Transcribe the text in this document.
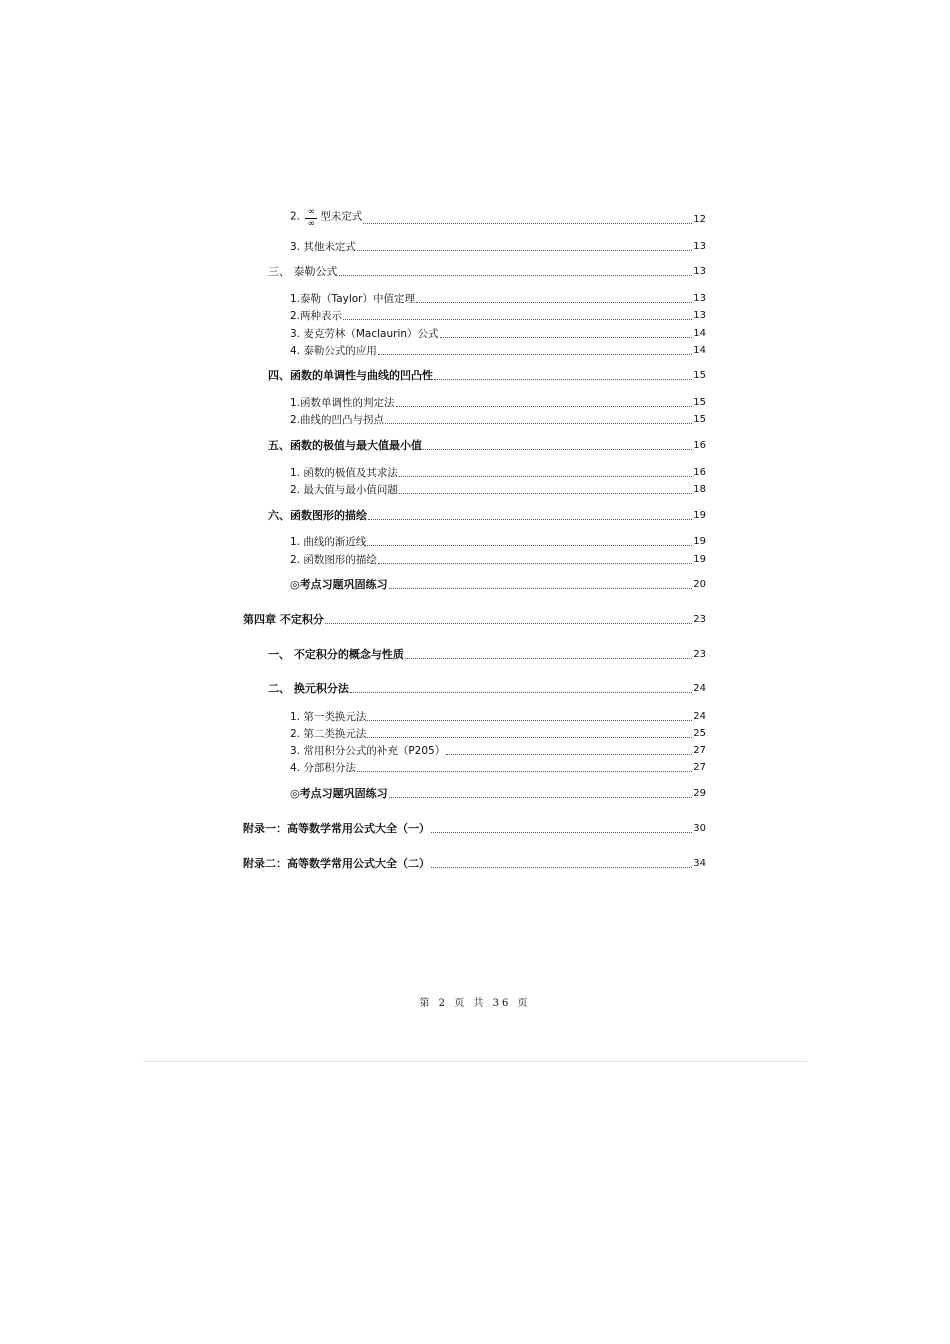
2. $\frac{\infty}{\infty}$ 型未定式	12
3. 其他未定式	13
三、 泰勒公式	13
1.泰勒（Taylor）中值定理	13
2.两种表示	13
3. 麦克劳林（Maclaurin）公式	14
4. 泰勒公式的应用	14
四、函数的单调性与曲线的凹凸性	15
1.函数单调性的判定法	15
2.曲线的凹凸与拐点	15
五、函数的极值与最大值最小值	16
1. 函数的极值及其求法	16
2. 最大值与最小值问题	18
六、函数图形的描绘	19
1. 曲线的渐近线	19
2. 函数图形的描绘	19
◎考点习题巩固练习	20
第四章 不定积分	23
一、 不定积分的概念与性质	23
二、 换元积分法	24
1. 第一类换元法	24
2. 第二类换元法	25
3. 常用积分公式的补充（P205）	27
4. 分部积分法	27
◎考点习题巩固练习	29
附录一：高等数学常用公式大全（一）	30
附录二：高等数学常用公式大全（二）	34
第 2 页 共 36 页
